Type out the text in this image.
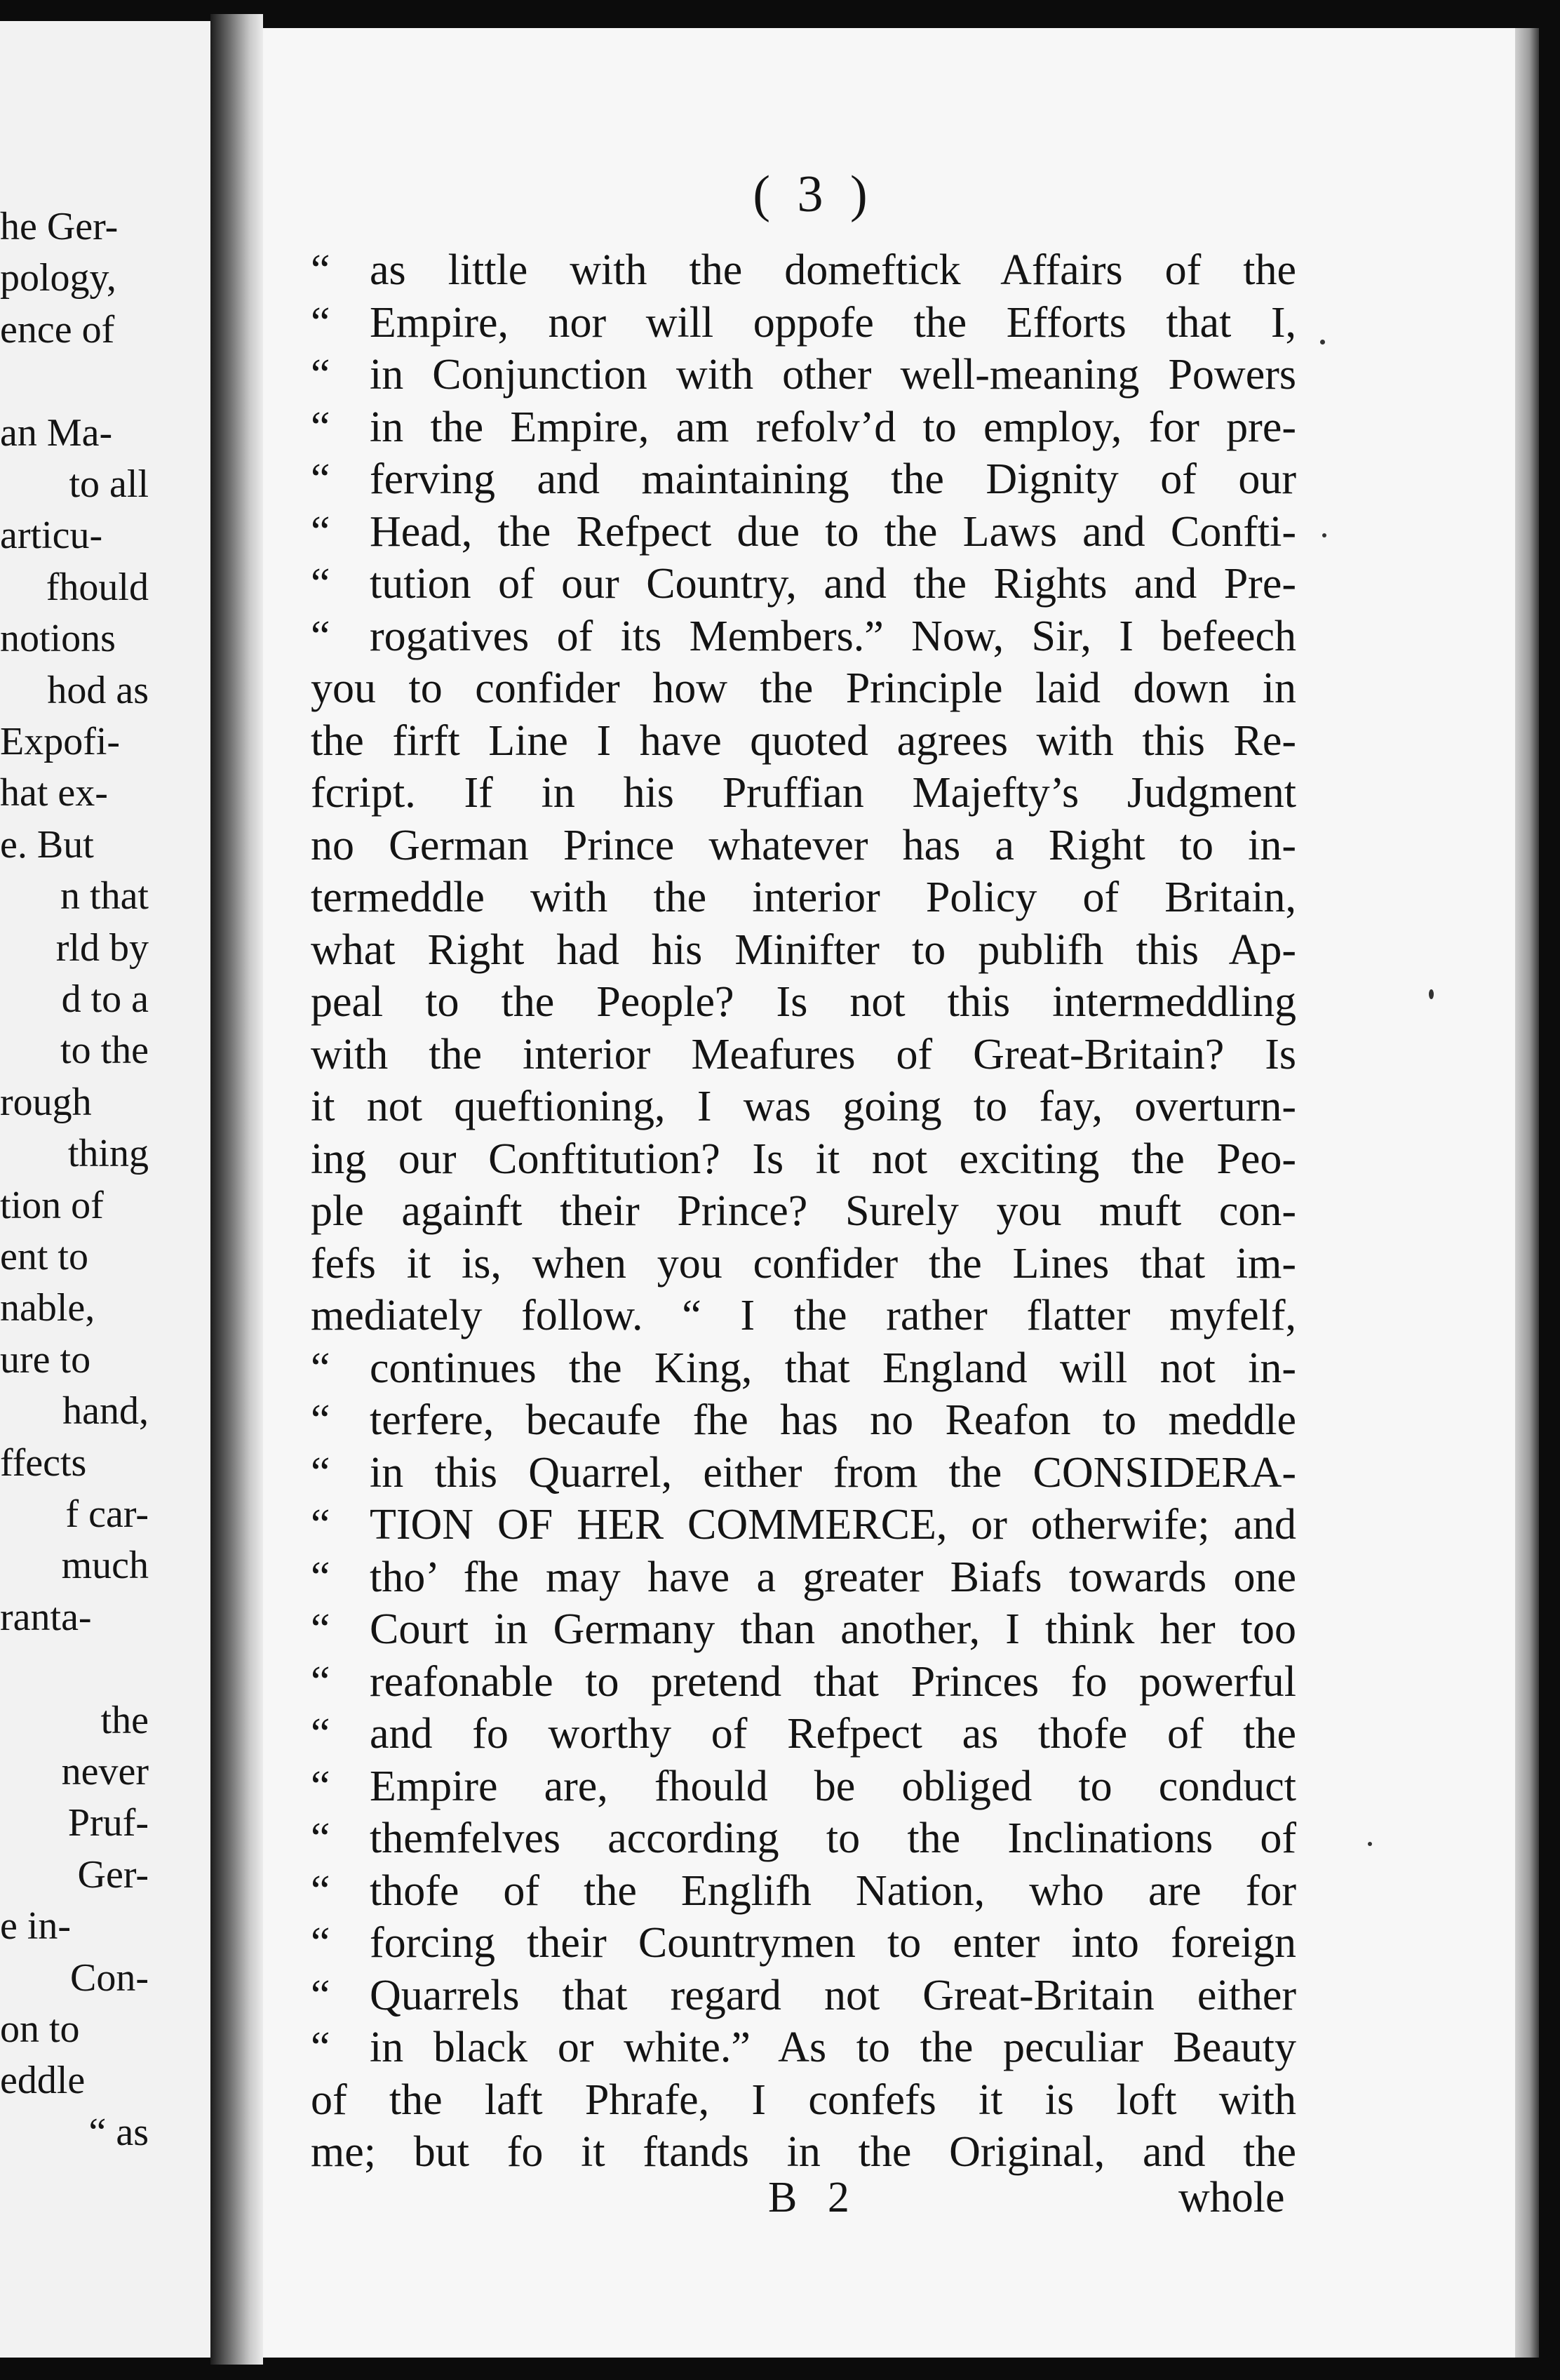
he Ger-
pology,
ence of
an Ma-
to all
articu-
fhould
notions
hod as
Expofi-
hat ex-
e. But
n that
rld by
d to a
to the
rough
thing
tion of
ent to
nable,
ure to
hand,
ffects
f car-
much
ranta-
the
never
Pruf-
Ger-
e in-
Con-
on to
eddle
“ as
( 3 )
“ as little with the domeftick Affairs of the
“ Empire, nor will oppofe the Efforts that I,
“ in Conjunction with other well-meaning Powers
“ in the Empire, am refolv’d to employ, for pre-
“ ferving and maintaining the Dignity of our
“ Head, the Refpect due to the Laws and Confti-
“ tution of our Country, and the Rights and Pre-
“ rogatives of its Members.” Now, Sir, I befeech
you to confider how the Principle laid down in
the firft Line I have quoted agrees with this Re-
fcript. If in his Pruffian Majefty’s Judgment
no German Prince whatever has a Right to in-
termeddle with the interior Policy of Britain,
what Right had his Minifter to publifh this Ap-
peal to the People? Is not this intermeddling
with the interior Meafures of Great-Britain? Is
it not queftioning, I was going to fay, overturn-
ing our Conftitution? Is it not exciting the Peo-
ple againft their Prince? Surely you muft con-
fefs it is, when you confider the Lines that im-
mediately follow. “ I the rather flatter myfelf,
“ continues the King, that England will not in-
“ terfere, becaufe fhe has no Reafon to meddle
“ in this Quarrel, either from the CONSIDERA-
“ TION OF HER COMMERCE, or otherwife; and
“ tho’ fhe may have a greater Biafs towards one
“ Court in Germany than another, I think her too
“ reafonable to pretend that Princes fo powerful
“ and fo worthy of Refpect as thofe of the
“ Empire are, fhould be obliged to conduct
“ themfelves according to the Inclinations of
“ thofe of the Englifh Nation, who are for
“ forcing their Countrymen to enter into foreign
“ Quarrels that regard not Great-Britain either
“ in black or white.” As to the peculiar Beauty
of the laft Phrafe, I confefs it is loft with
me; but fo it ftands in the Original, and the
B 2	whole
